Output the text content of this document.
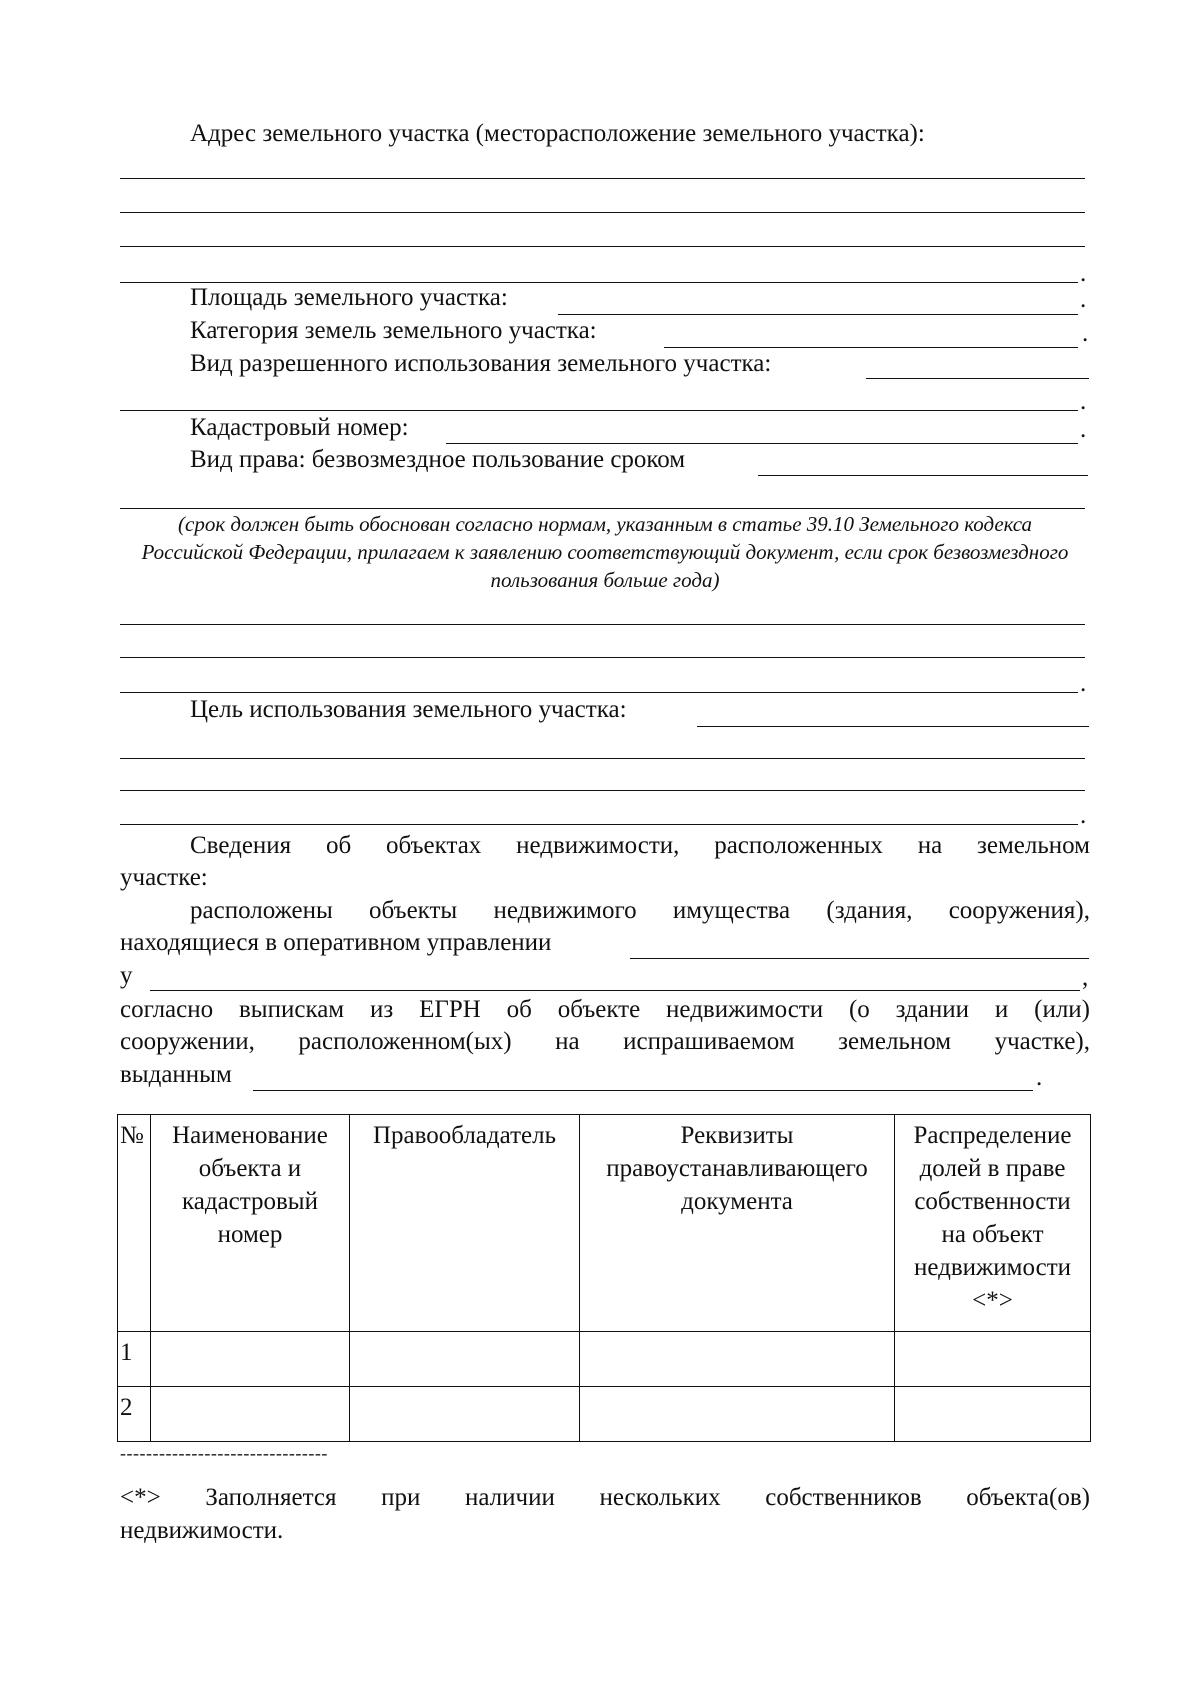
Адрес земельного участка (месторасположение земельного участка):
.
Площадь земельного участка:	.
Категория земель земельного участка:	.
Вид разрешенного использования земельного участка:
.
Кадастровый номер:	.
Вид права: безвозмездное пользование сроком
(срок должен быть обоснован согласно нормам, указанным в статье 39.10 Земельного кодекса Российской Федерации, прилагаем к заявлению соответствующий документ, если срок безвозмездного пользования больше года)
.
Цель использования земельного участка:
.
Сведения об объектах недвижимости, расположенных на земельном
участке:
расположены объекты недвижимого имущества (здания, сооружения),
находящиеся в оперативном управлении
у	,
согласно выпискам из ЕГРН об объекте недвижимости (о здании и (или)
сооружении, расположенном(ых) на испрашиваемом земельном участке),
выданным	.
№	Наименование объекта и кадастровый номер	Правообладатель	Реквизиты правоустанавливающего документа	Распределение долей в праве собственности на объект недвижимости <*>
1				
2				
--------------------------------
<*> Заполняется при наличии нескольких собственников объекта(ов)
недвижимости.
